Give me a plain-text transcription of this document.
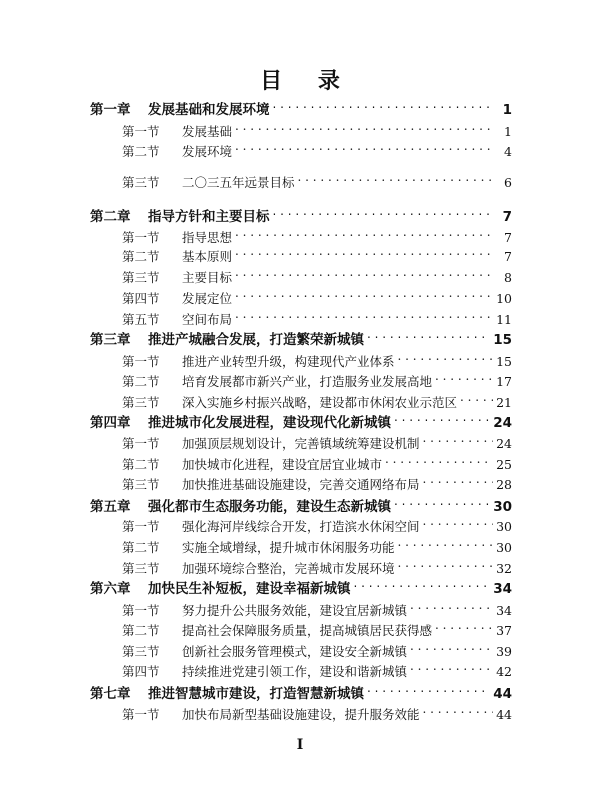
目 录
第一章	发展基础和发展环境 . . .	1
第一节	发展基础 . . .	1
第二节	发展环境 . . .	4
第三节	二〇三五年远景目标 . . .	6
第二章	指导方针和主要目标 . . .	7
第一节	指导思想 . . .	7
第二节	基本原则 . . .	7
第三节	主要目标 . . .	8
第四节	发展定位 . . .	10
第五节	空间布局 . . .	11
第三章	推进产城融合发展，打造繁荣新城镇 . . .	15
第一节	推进产业转型升级，构建现代产业体系 . . .	15
第二节	培育发展都市新兴产业，打造服务业发展高地 . . .	17
第三节	深入实施乡村振兴战略，建设都市休闲农业示范区 . . .	21
第四章	推进城市化发展进程，建设现代化新城镇 . . .	24
第一节	加强顶层规划设计，完善镇域统筹建设机制 . . .	24
第二节	加快城市化进程，建设宜居宜业城市 . . .	25
第三节	加快推进基础设施建设，完善交通网络布局 . . .	28
第五章	强化都市生态服务功能，建设生态新城镇 . . .	30
第一节	强化海河岸线综合开发，打造滨水休闲空间 . . .	30
第二节	实施全域增绿，提升城市休闲服务功能 . . .	30
第三节	加强环境综合整治，完善城市发展环境 . . .	32
第六章	加快民生补短板，建设幸福新城镇 . . .	34
第一节	努力提升公共服务效能，建设宜居新城镇 . . .	34
第二节	提高社会保障服务质量，提高城镇居民获得感 . . .	37
第三节	创新社会服务管理模式，建设安全新城镇 . . .	39
第四节	持续推进党建引领工作，建设和谐新城镇 . . .	42
第七章	推进智慧城市建设，打造智慧新城镇 . . .	44
第一节	加快布局新型基础设施建设，提升服务效能 . . .	44
I
